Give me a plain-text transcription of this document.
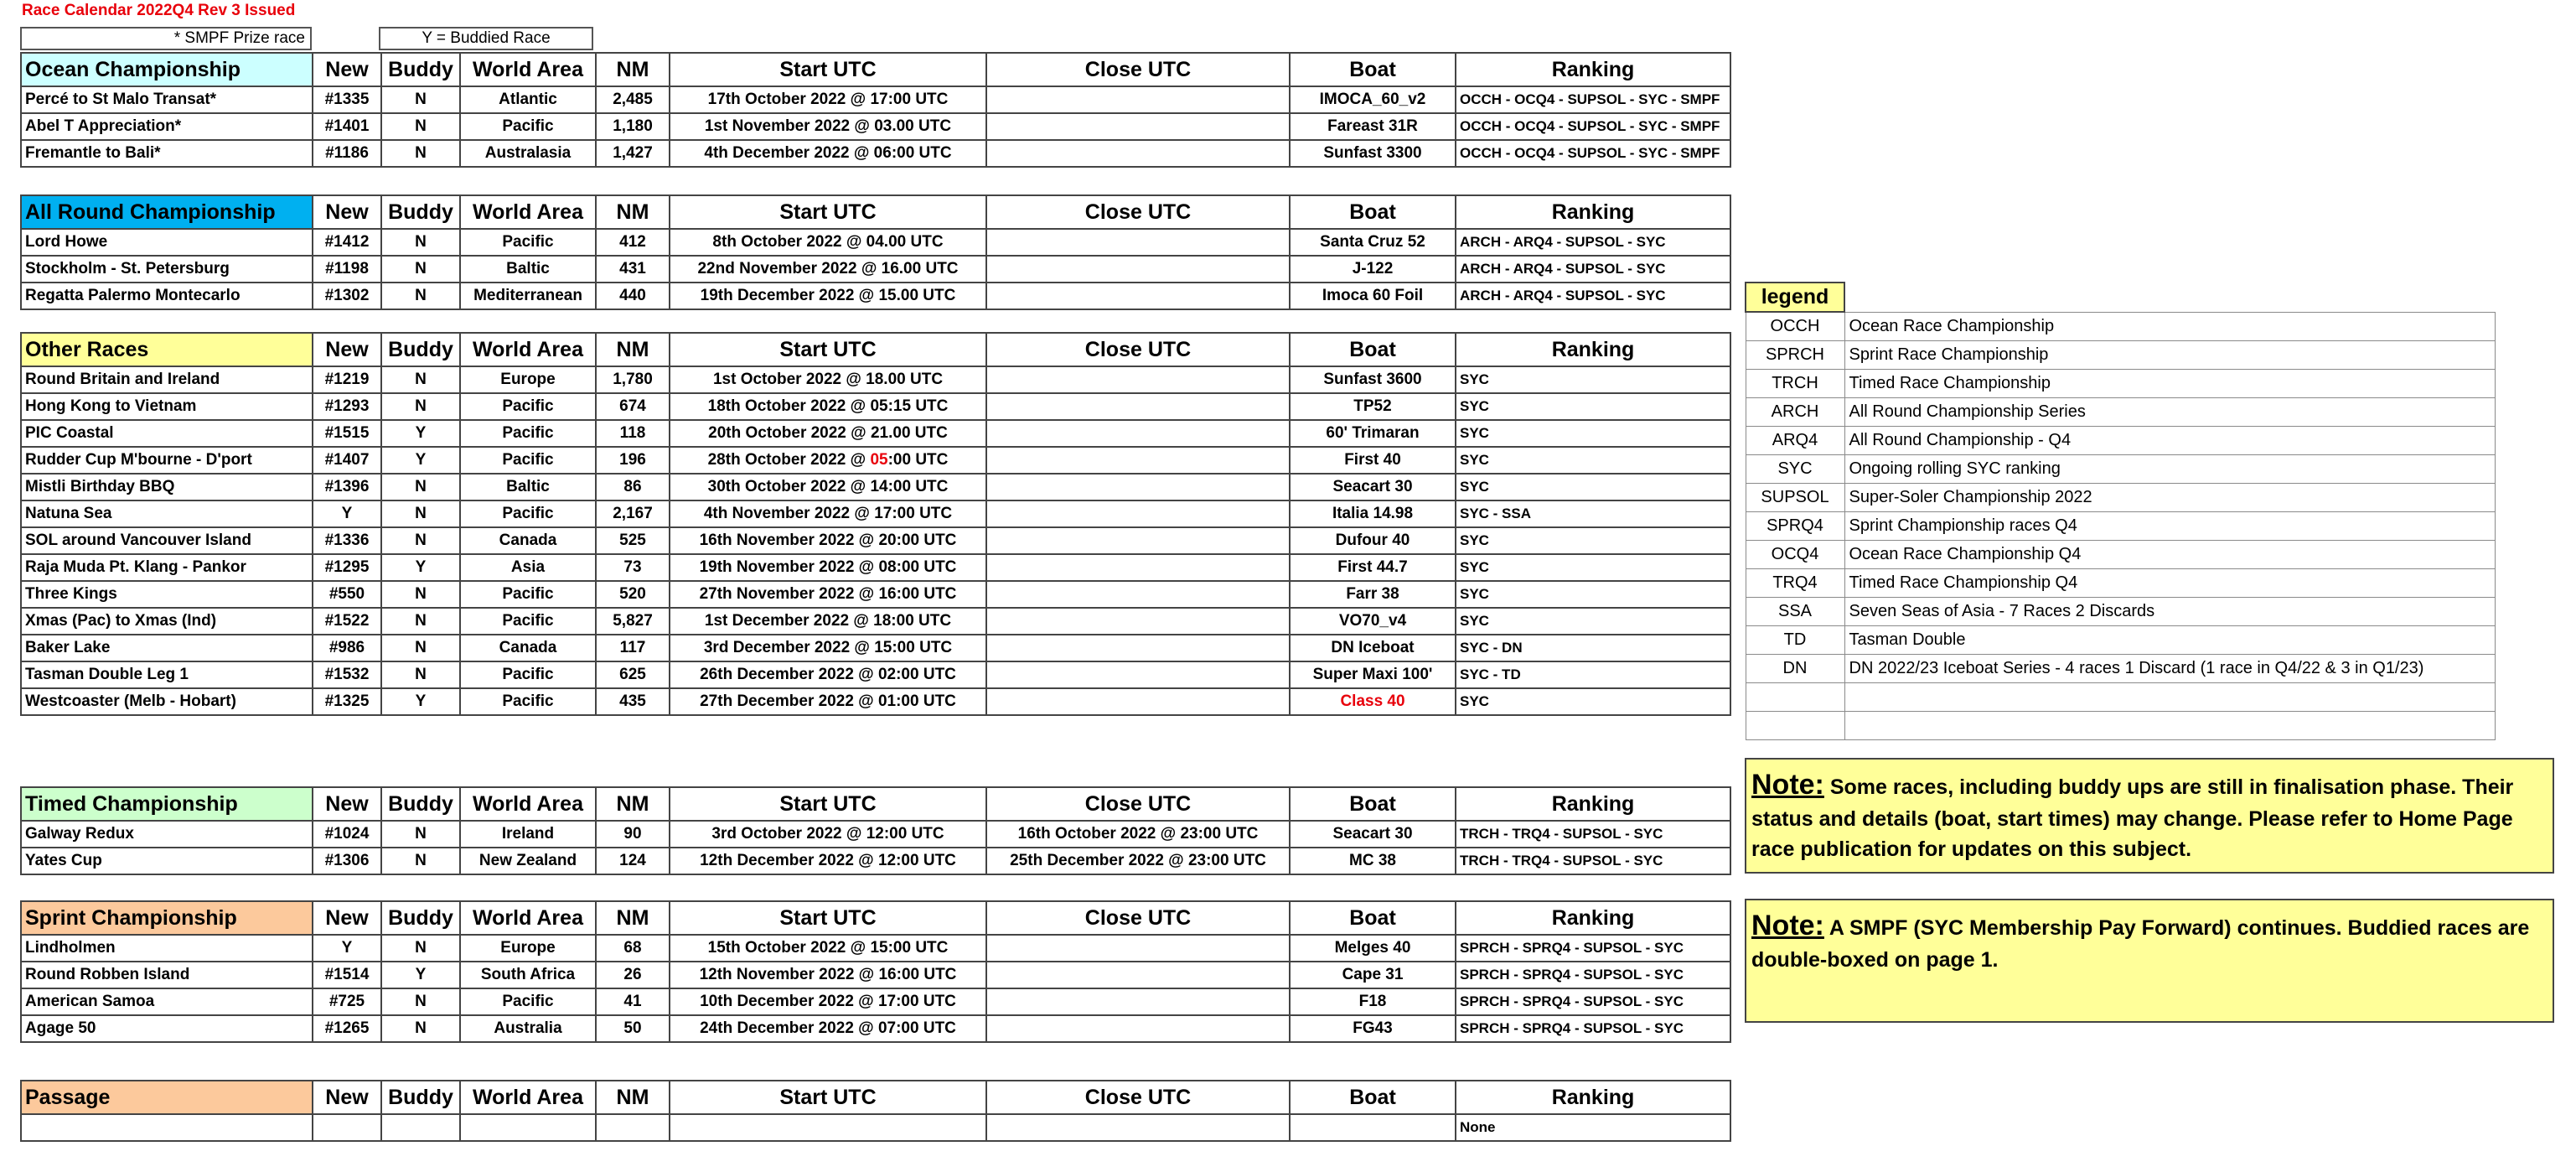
Race Calendar 2022Q4 Rev 3 Issued
* SMPF Prize race	Y = Buddied Race
Ocean Championship	New	Buddy	World Area	NM	Start UTC	Close UTC	Boat	Ranking
Percé to St Malo Transat*	#1335	N	Atlantic	2,485	17th October 2022 @ 17:00 UTC		IMOCA_60_v2	OCCH - OCQ4 - SUPSOL - SYC - SMPF
Abel T Appreciation*	#1401	N	Pacific	1,180	1st November 2022 @ 03.00 UTC		Fareast 31R	OCCH - OCQ4 - SUPSOL - SYC - SMPF
Fremantle to Bali*	#1186	N	Australasia	1,427	4th December 2022 @ 06:00 UTC		Sunfast 3300	OCCH - OCQ4 - SUPSOL - SYC - SMPF
All Round Championship	New	Buddy	World Area	NM	Start UTC	Close UTC	Boat	Ranking
Lord Howe	#1412	N	Pacific	412	8th October 2022 @ 04.00 UTC		Santa Cruz 52	ARCH - ARQ4 - SUPSOL - SYC
Stockholm - St. Petersburg	#1198	N	Baltic	431	22nd November 2022 @ 16.00 UTC		J-122	ARCH - ARQ4 - SUPSOL - SYC
Regatta Palermo Montecarlo	#1302	N	Mediterranean	440	19th December 2022 @ 15.00 UTC		Imoca 60 Foil	ARCH - ARQ4 - SUPSOL - SYC
Other Races	New	Buddy	World Area	NM	Start UTC	Close UTC	Boat	Ranking
Round Britain and Ireland	#1219	N	Europe	1,780	1st October 2022 @ 18.00 UTC		Sunfast 3600	SYC
Hong Kong to Vietnam	#1293	N	Pacific	674	18th October 2022 @ 05:15 UTC		TP52	SYC
PIC Coastal	#1515	Y	Pacific	118	20th October 2022 @ 21.00 UTC		60' Trimaran	SYC
Rudder Cup M'bourne - D'port	#1407	Y	Pacific	196	28th October 2022 @ 05:00 UTC		First 40	SYC
Mistli Birthday BBQ	#1396	N	Baltic	86	30th October 2022 @ 14:00 UTC		Seacart 30	SYC
Natuna Sea	Y	N	Pacific	2,167	4th November 2022 @ 17:00 UTC		Italia 14.98	SYC - SSA
SOL around Vancouver Island	#1336	N	Canada	525	16th November 2022 @ 20:00 UTC		Dufour 40	SYC
Raja Muda Pt. Klang - Pankor	#1295	Y	Asia	73	19th November 2022 @ 08:00 UTC		First 44.7	SYC
Three Kings	#550	N	Pacific	520	27th November 2022 @ 16:00 UTC		Farr 38	SYC
Xmas (Pac) to Xmas (Ind)	#1522	N	Pacific	5,827	1st December 2022 @ 18:00 UTC		VO70_v4	SYC
Baker Lake	#986	N	Canada	117	3rd December 2022 @ 15:00 UTC		DN Iceboat	SYC - DN
Tasman Double Leg 1	#1532	N	Pacific	625	26th December 2022 @ 02:00 UTC		Super Maxi 100'	SYC - TD
Westcoaster (Melb - Hobart)	#1325	Y	Pacific	435	27th December 2022 @ 01:00 UTC		Class 40	SYC
Timed Championship	New	Buddy	World Area	NM	Start UTC	Close UTC	Boat	Ranking
Galway Redux	#1024	N	Ireland	90	3rd October 2022 @ 12:00 UTC	16th October 2022 @ 23:00 UTC	Seacart 30	TRCH - TRQ4 - SUPSOL - SYC
Yates Cup	#1306	N	New Zealand	124	12th December 2022 @ 12:00 UTC	25th December 2022 @ 23:00 UTC	MC 38	TRCH - TRQ4 - SUPSOL - SYC
Sprint Championship	New	Buddy	World Area	NM	Start UTC	Close UTC	Boat	Ranking
Lindholmen	Y	N	Europe	68	15th October 2022 @ 15:00 UTC		Melges 40	SPRCH - SPRQ4 - SUPSOL - SYC
Round Robben Island	#1514	Y	South Africa	26	12th November 2022 @ 16:00 UTC		Cape 31	SPRCH - SPRQ4 - SUPSOL - SYC
American Samoa	#725	N	Pacific	41	10th December 2022 @ 17:00 UTC		F18	SPRCH - SPRQ4 - SUPSOL - SYC
Agage 50	#1265	N	Australia	50	24th December 2022 @ 07:00 UTC		FG43	SPRCH - SPRQ4 - SUPSOL - SYC
Passage	New	Buddy	World Area	NM	Start UTC	Close UTC	Boat	Ranking
								None
legend	
OCCH	Ocean Race Championship
SPRCH	Sprint Race Championship
TRCH	Timed Race Championship
ARCH	All Round Championship Series
ARQ4	All Round Championship - Q4
SYC	Ongoing rolling SYC ranking
SUPSOL	Super-Soler Championship 2022
SPRQ4	Sprint Championship races Q4
OCQ4	Ocean Race Championship Q4
TRQ4	Timed Race Championship Q4
SSA	Seven Seas of Asia - 7 Races 2 Discards
TD	Tasman Double
DN	DN 2022/23 Iceboat Series - 4 races 1 Discard (1 race in Q4/22 & 3 in Q1/23)

Note: Some races, including buddy ups are still in finalisation phase. Their status and details (boat, start times) may change. Please refer to Home Page race publication for updates on this subject.
Note: A SMPF (SYC Membership Pay Forward) continues. Buddied races are double-boxed on page 1.
